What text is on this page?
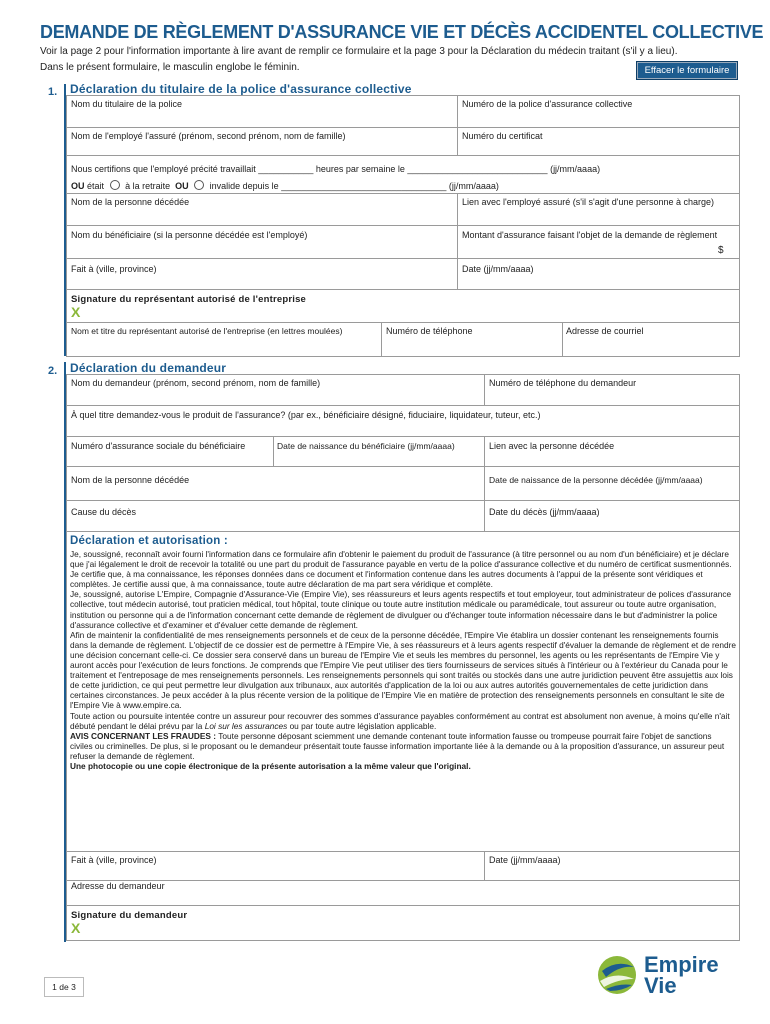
DEMANDE DE RÈGLEMENT D'ASSURANCE VIE ET DÉCÈS ACCIDENTEL COLLECTIVE
Voir la page 2 pour l'information importante à lire avant de remplir ce formulaire et la page 3 pour la Déclaration du médecin traitant (s'il y a lieu).
Dans le présent formulaire, le masculin englobe le féminin.	Effacer le formulaire
1. Déclaration du titulaire de la police d'assurance collective
Nom du titulaire de la police	Numéro de la police d'assurance collective
Nom de l'employé l'assuré (prénom, second prénom, nom de famille)	Numéro du certificat
Nous certifions que l'employé précité travaillait ___________ heures par semaine le ____________________________ (jj/mm/aaaa)
OU était à la retraite OU invalide depuis le _________________________________ (jj/mm/aaaa)
Nom de la personne décédée	Lien avec l'employé assuré (s'il s'agit d'une personne à charge)
Nom du bénéficiaire (si la personne décédée est l'employé)	Montant d'assurance faisant l'objet de la demande de règlement
$
Fait à (ville, province)	Date (jj/mm/aaaa)
Signature du représentant autorisé de l'entreprise
X
Nom et titre du représentant autorisé de l'entreprise (en lettres moulées)	Numéro de téléphone	Adresse de courriel
2. Déclaration du demandeur
Nom du demandeur (prénom, second prénom, nom de famille)	Numéro de téléphone du demandeur
À quel titre demandez-vous le produit de l'assurance? (par ex., bénéficiaire désigné, fiduciaire, liquidateur, tuteur, etc.)
Numéro d'assurance sociale du bénéficiaire	Date de naissance du bénéficiaire (jj/mm/aaaa)	Lien avec la personne décédée
Nom de la personne décédée	Date de naissance de la personne décédée (jj/mm/aaaa)
Cause du décès	Date du décès (jj/mm/aaaa)
Déclaration et autorisation :
Je, soussigné, reconnaît avoir fourni l'information dans ce formulaire afin d'obtenir le paiement du produit de l'assurance (à titre personnel ou au nom d'un bénéficiaire) et je déclare que j'ai légalement le droit de recevoir la totalité ou une part du produit de l'assurance payable en vertu de la police d'assurance collective et du numéro de certificat susmentionnés. Je certifie que, à ma connaissance, les réponses données dans ce document et l'information contenue dans les autres documents à l'appui de la présente sont véridiques et complètes. Je certifie aussi que, à ma connaissance, toute autre déclaration de ma part sera véridique et complète.
Je, soussigné, autorise L'Empire, Compagnie d'Assurance-Vie (Empire Vie), ses réassureurs et leurs agents respectifs et tout employeur, tout administrateur de polices d'assurance collective, tout médecin autorisé, tout praticien médical, tout hôpital, toute clinique ou toute autre institution médicale ou paramédicale, tout assureur ou toute autre organisation, institution ou personne qui a de l'information concernant cette demande de règlement de divulguer ou d'échanger toute information nécessaire dans le but d'administrer la police d'assurance collective et d'examiner et d'évaluer cette demande de règlement.
Afin de maintenir la confidentialité de mes renseignements personnels et de ceux de la personne décédée, l'Empire Vie établira un dossier contenant les renseignements fournis dans la demande de règlement. L'objectif de ce dossier est de permettre à l'Empire Vie, à ses réassureurs et à leurs agents respectif d'évaluer la demande de règlement et de rendre une décision concernant celle-ci. Ce dossier sera conservé dans un bureau de l'Empire Vie et seuls les membres du personnel, les agents ou les représentants de l'Empire Vie y auront accès pour l'exécution de leurs fonctions. Je comprends que l'Empire Vie peut utiliser des tiers fournisseurs de services situés à l'intérieur ou à l'extérieur du Canada pour le traitement et l'entreposage de mes renseignements personnels. Les renseignements personnels qui sont traités ou stockés dans une autre juridiction peuvent être assujettis aux lois de cette juridiction, ce qui peut permettre leur divulgation aux tribunaux, aux autorités d'application de la loi ou aux autres autorités gouvernementales de cette juridiction dans certaines circonstances. Je peux accéder à la plus récente version de la politique de l'Empire Vie en matière de protection des renseignements personnels en consultant le site de l'Empire Vie à www.empire.ca.
Toute action ou poursuite intentée contre un assureur pour recouvrer des sommes d'assurance payables conformément au contrat est absolument non avenue, à moins qu'elle n'ait débuté pendant le délai prévu par la Loi sur les assurances ou par toute autre législation applicable.
AVIS CONCERNANT LES FRAUDES : Toute personne déposant sciemment une demande contenant toute information fausse ou trompeuse pourrait faire l'objet de sanctions civiles ou criminelles. De plus, si le proposant ou le demandeur présentait toute fausse information importante liée à la demande ou à la proposition d'assurance, un assureur peut refuser la demande de règlement.
Une photocopie ou une copie électronique de la présente autorisation a la même valeur que l'original.
Fait à (ville, province)	Date (jj/mm/aaaa)
Adresse du demandeur
Signature du demandeur
X
1 de 3
Empire
Vie
